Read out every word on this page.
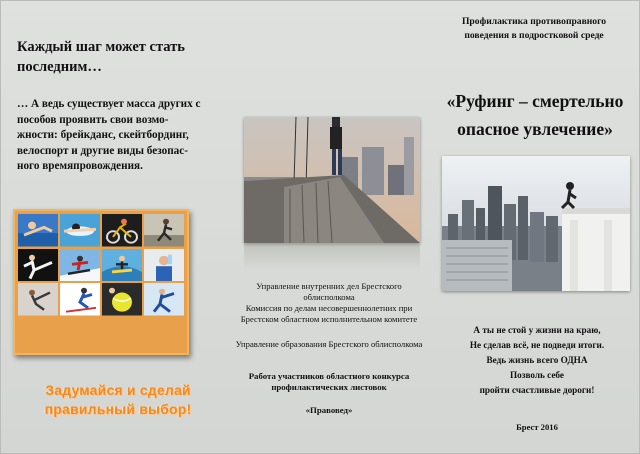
Каждый шаг может стать
последним…
… А ведь существует масса других с
пособов проявить свои возмо-
жности: брейкданс, скейтбординг,
велоспорт и другие виды безопас-
ного времяпровождения.
Задумайся и сделай
правильный выбор!
Управление внутренних дел Брестского
облисполкома
Комиссия по делам несовершеннолетних при
Брестском областном исполнительном комитете
Управление образования Брестского облисполкома
Работа участников областного конкурса
профилактических листовок
«Правовед»
Профилактика противоправного
поведения в подростковой среде
«Руфинг – смертельно
опасное увлечение»
А ты не стой у жизни на краю,
Не сделав всё, не подведи итоги.
Ведь жизнь всего ОДНА
Позволь себе
пройти счастливые дороги!
Брест 2016
